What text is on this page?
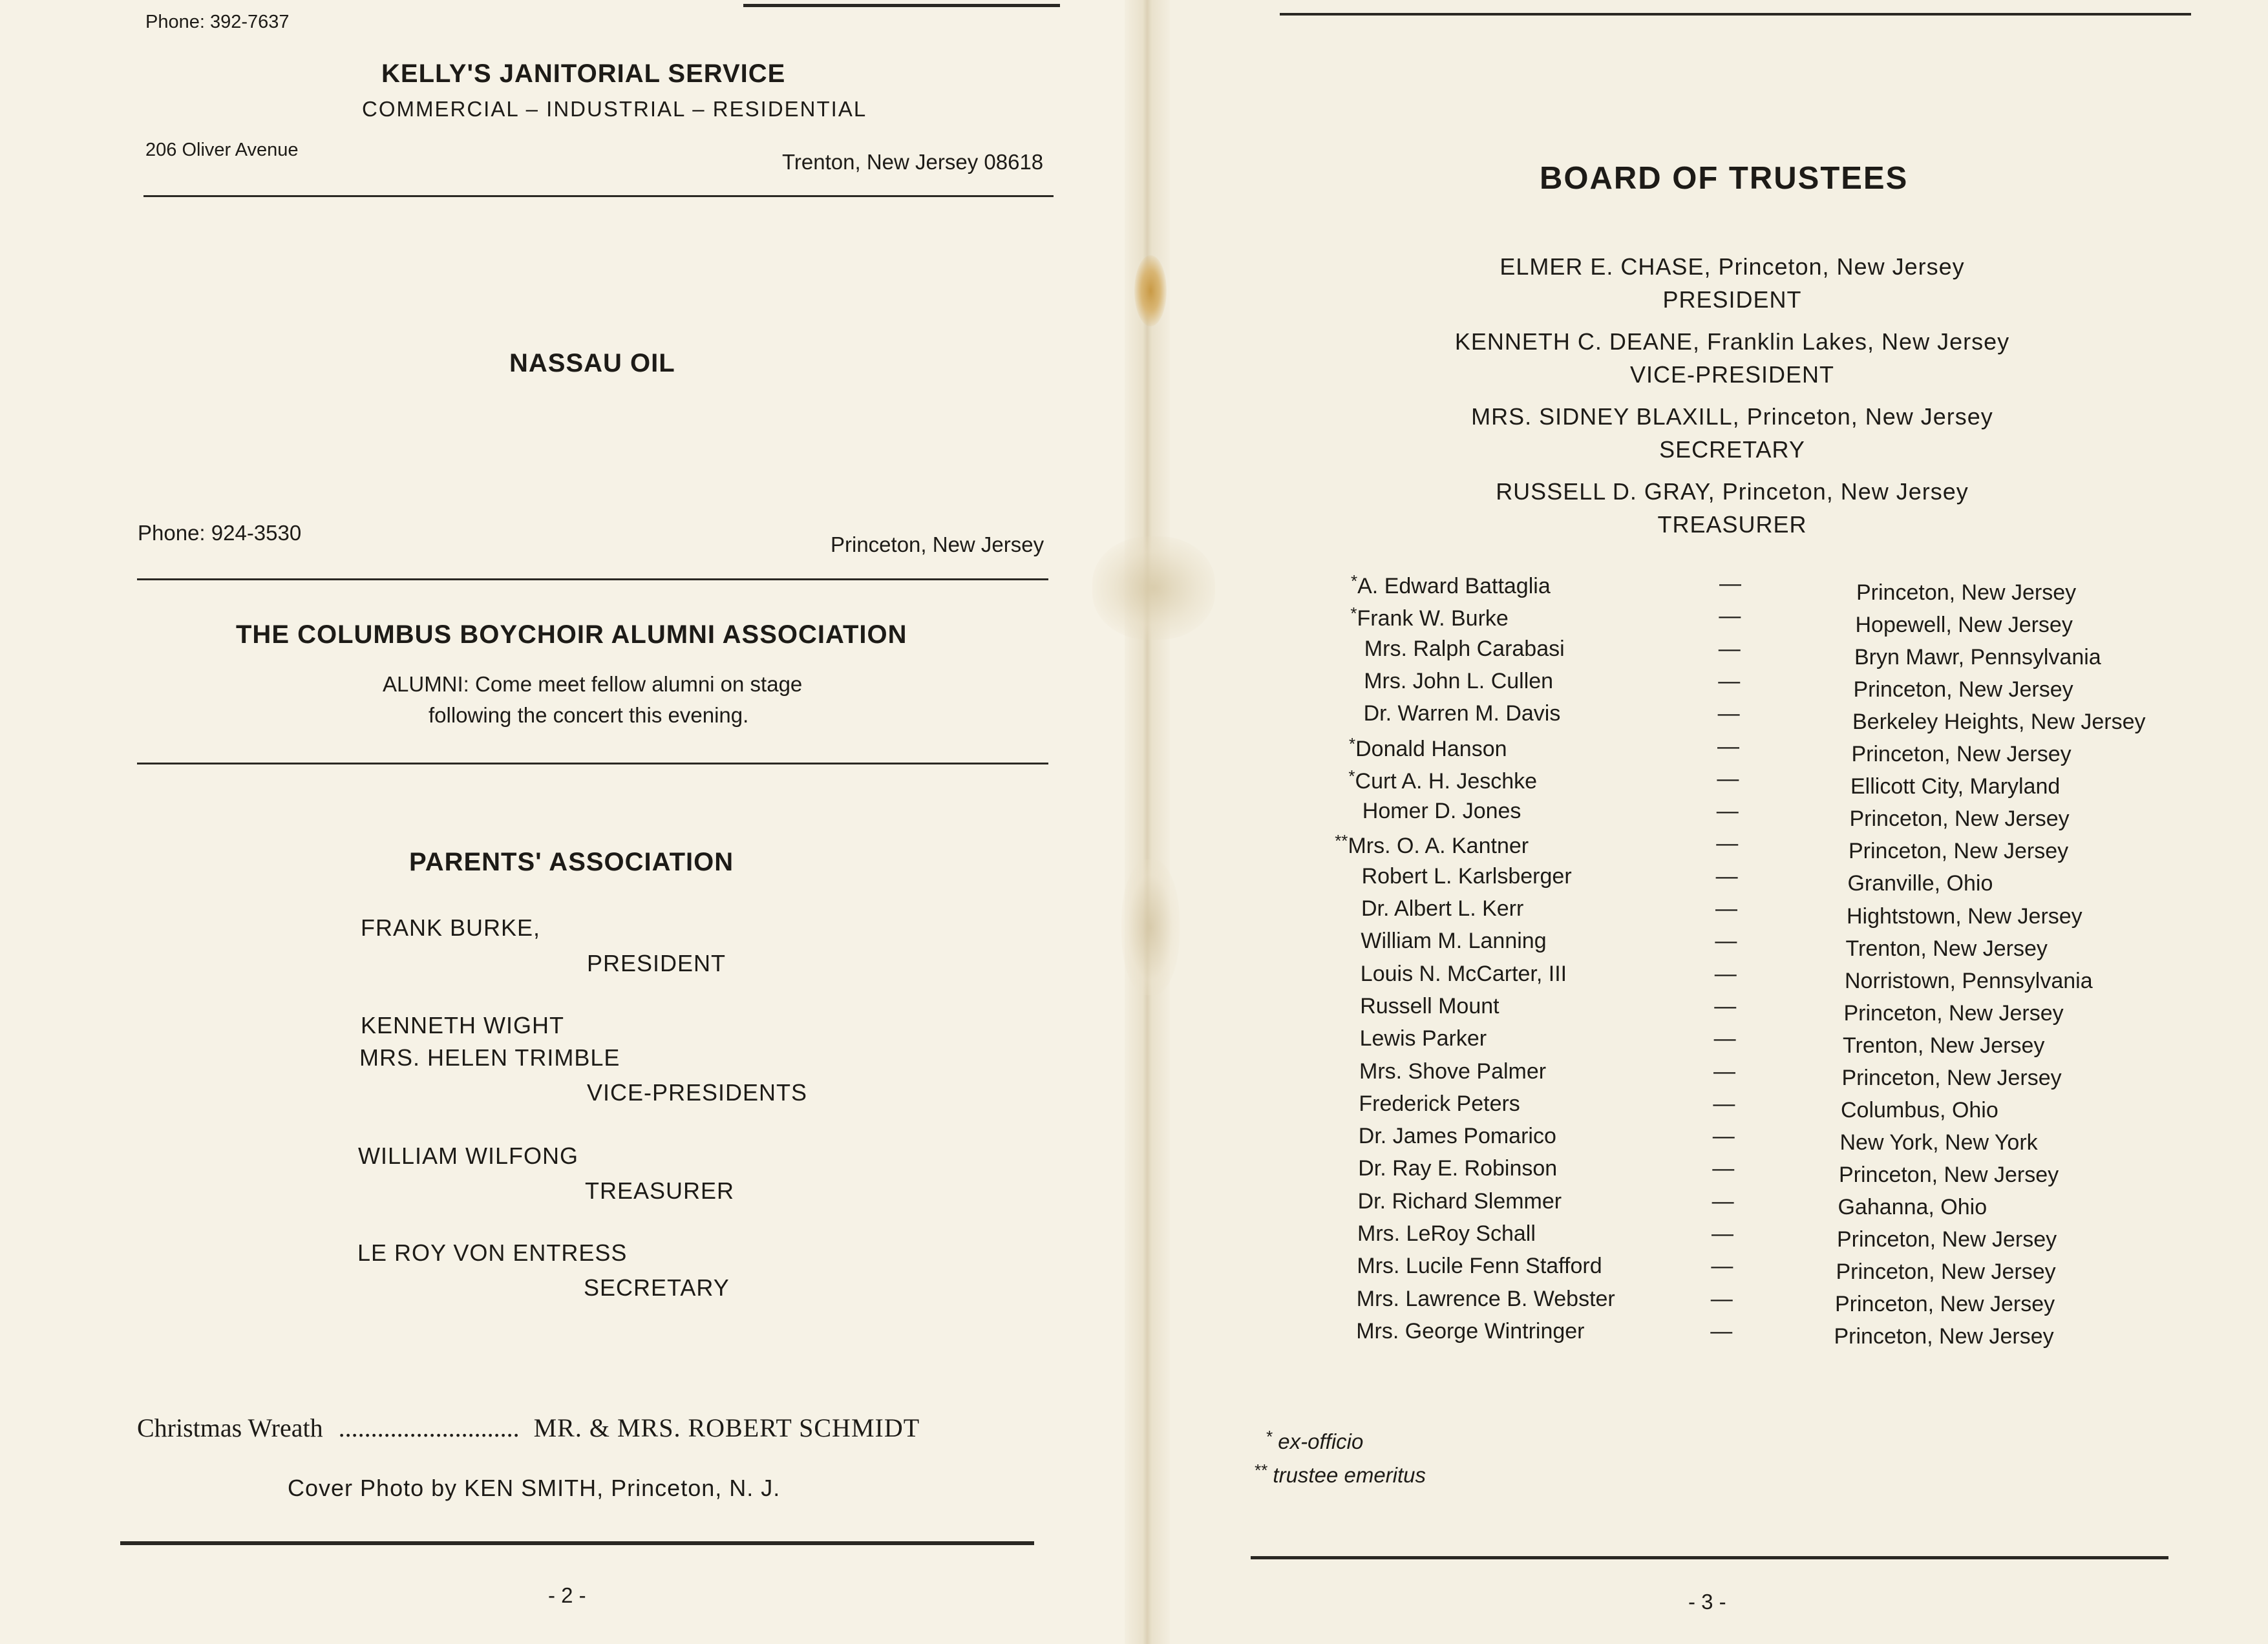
Phone: 392-7637
KELLY'S JANITORIAL SERVICE
COMMERCIAL – INDUSTRIAL – RESIDENTIAL
206 Oliver Avenue	Trenton, New Jersey 08618
NASSAU OIL
Phone: 924-3530	Princeton, New Jersey
THE COLUMBUS BOYCHOIR ALUMNI ASSOCIATION
ALUMNI: Come meet fellow alumni on stage
following the concert this evening.
PARENTS' ASSOCIATION
FRANK BURKE,
PRESIDENT
KENNETH WIGHT
MRS. HELEN TRIMBLE
VICE-PRESIDENTS
WILLIAM WILFONG
TREASURER
LE ROY VON ENTRESS
SECRETARY
Christmas Wreath ............................ MR. & MRS. ROBERT SCHMIDT
Cover Photo by KEN SMITH, Princeton, N. J.
- 2 -
BOARD OF TRUSTEES
ELMER E. CHASE, Princeton, New Jersey
PRESIDENT
KENNETH C. DEANE, Franklin Lakes, New Jersey
VICE-PRESIDENT
MRS. SIDNEY BLAXILL, Princeton, New Jersey
SECRETARY
RUSSELL D. GRAY, Princeton, New Jersey
TREASURER
*A. Edward Battaglia	—	Princeton, New Jersey
*Frank W. Burke	—	Hopewell, New Jersey
Mrs. Ralph Carabasi	—	Bryn Mawr, Pennsylvania
Mrs. John L. Cullen	—	Princeton, New Jersey
Dr. Warren M. Davis	—	Berkeley Heights, New Jersey
*Donald Hanson	—	Princeton, New Jersey
*Curt A. H. Jeschke	—	Ellicott City, Maryland
Homer D. Jones	—	Princeton, New Jersey
**Mrs. O. A. Kantner	—	Princeton, New Jersey
Robert L. Karlsberger	—	Granville, Ohio
Dr. Albert L. Kerr	—	Hightstown, New Jersey
William M. Lanning	—	Trenton, New Jersey
Louis N. McCarter, III	—	Norristown, Pennsylvania
Russell Mount	—	Princeton, New Jersey
Lewis Parker	—	Trenton, New Jersey
Mrs. Shove Palmer	—	Princeton, New Jersey
Frederick Peters	—	Columbus, Ohio
Dr. James Pomarico	—	New York, New York
Dr. Ray E. Robinson	—	Princeton, New Jersey
Dr. Richard Slemmer	—	Gahanna, Ohio
Mrs. LeRoy Schall	—	Princeton, New Jersey
Mrs. Lucile Fenn Stafford	—	Princeton, New Jersey
Mrs. Lawrence B. Webster	—	Princeton, New Jersey
Mrs. George Wintringer	—	Princeton, New Jersey
* ex-officio
** trustee emeritus
- 3 -
